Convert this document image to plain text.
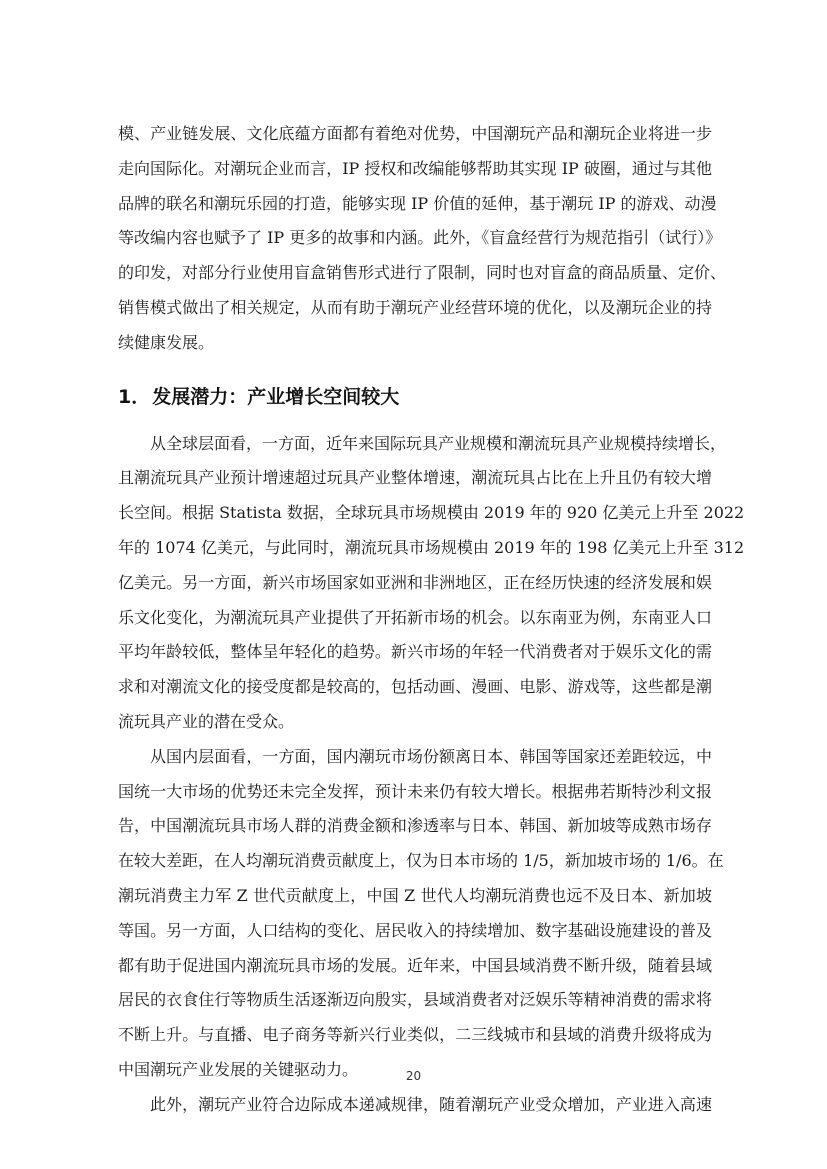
模、产业链发展、文化底蕴方面都有着绝对优势，中国潮玩产品和潮玩企业将进一步
走向国际化。对潮玩企业而言，IP 授权和改编能够帮助其实现 IP 破圈，通过与其他
品牌的联名和潮玩乐园的打造，能够实现 IP 价值的延伸，基于潮玩 IP 的游戏、动漫
等改编内容也赋予了 IP 更多的故事和内涵。此外，《盲盒经营行为规范指引（试行）》
的印发，对部分行业使用盲盒销售形式进行了限制，同时也对盲盒的商品质量、定价、
销售模式做出了相关规定，从而有助于潮玩产业经营环境的优化，以及潮玩企业的持
续健康发展。
1． 发展潜力：产业增长空间较大
从全球层面看，一方面，近年来国际玩具产业规模和潮流玩具产业规模持续增长，
且潮流玩具产业预计增速超过玩具产业整体增速，潮流玩具占比在上升且仍有较大增
长空间。根据 Statista 数据，全球玩具市场规模由 2019 年的 920 亿美元上升至 2022
年的 1074 亿美元，与此同时，潮流玩具市场规模由 2019 年的 198 亿美元上升至 312
亿美元。另一方面，新兴市场国家如亚洲和非洲地区，正在经历快速的经济发展和娱
乐文化变化，为潮流玩具产业提供了开拓新市场的机会。以东南亚为例，东南亚人口
平均年龄较低，整体呈年轻化的趋势。新兴市场的年轻一代消费者对于娱乐文化的需
求和对潮流文化的接受度都是较高的，包括动画、漫画、电影、游戏等，这些都是潮
流玩具产业的潜在受众。
从国内层面看，一方面，国内潮玩市场份额离日本、韩国等国家还差距较远，中
国统一大市场的优势还未完全发挥，预计未来仍有较大增长。根据弗若斯特沙利文报
告，中国潮流玩具市场人群的消费金额和渗透率与日本、韩国、新加坡等成熟市场存
在较大差距，在人均潮玩消费贡献度上，仅为日本市场的 1/5，新加坡市场的 1/6。在
潮玩消费主力军 Z 世代贡献度上，中国 Z 世代人均潮玩消费也远不及日本、新加坡
等国。另一方面，人口结构的变化、居民收入的持续增加、数字基础设施建设的普及
都有助于促进国内潮流玩具市场的发展。近年来，中国县域消费不断升级，随着县域
居民的衣食住行等物质生活逐渐迈向殷实，县域消费者对泛娱乐等精神消费的需求将
不断上升。与直播、电子商务等新兴行业类似，二三线城市和县域的消费升级将成为
中国潮玩产业发展的关键驱动力。
此外，潮玩产业符合边际成本递减规律，随着潮玩产业受众增加，产业进入高速
20
